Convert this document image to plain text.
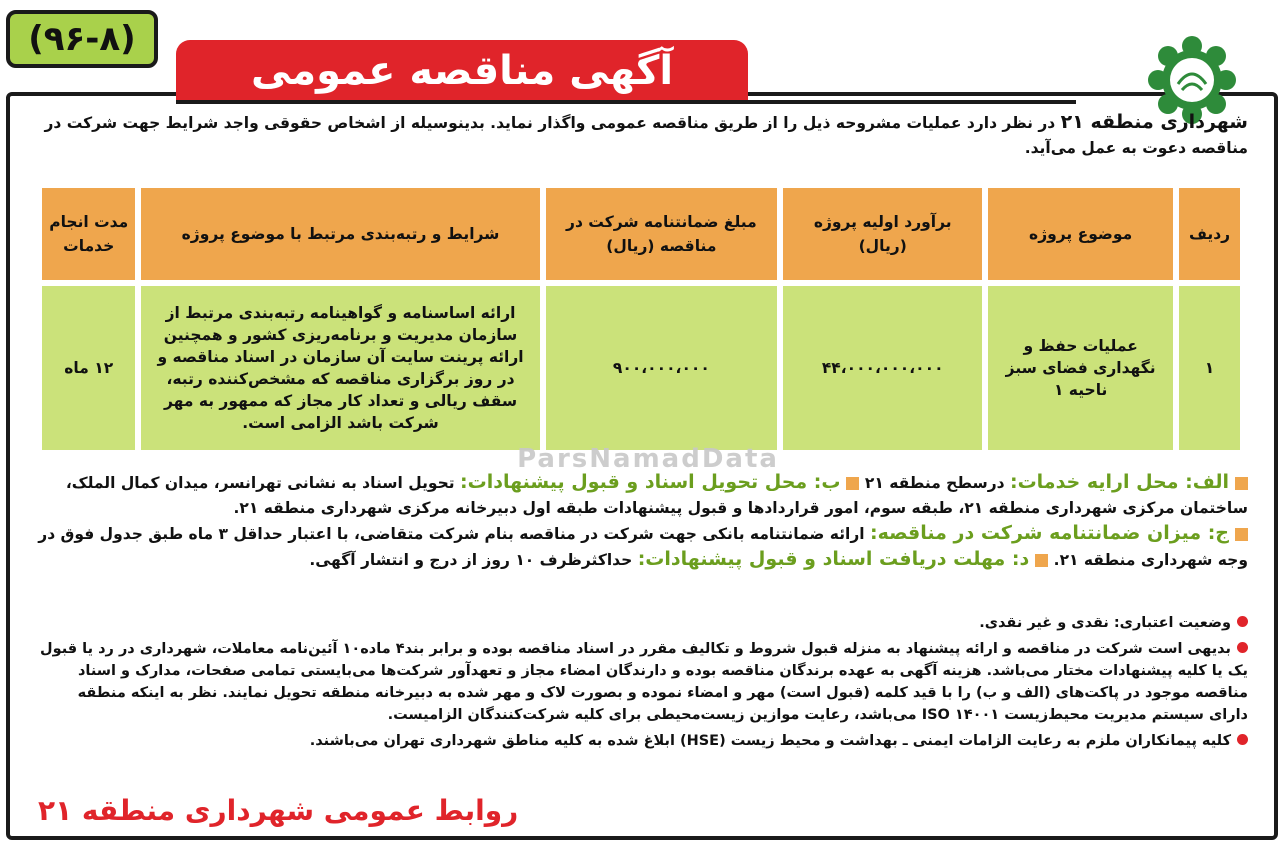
(۹۶-۸)
آگهی مناقصه عمومی
شهرداری منطقه ۲۱ در نظر دارد عملیات مشروحه ذیل را از طریق مناقصه عمومی واگذار نماید. بدینوسیله از اشخاص حقوقی واجد شرایط جهت شرکت در مناقصه دعوت به عمل می‌آید.
ردیف	موضوع پروژه	برآورد اولیه پروژه (ریال)	مبلغ ضمانتنامه شرکت در مناقصه (ریال)	شرایط و رتبه‌بندی مرتبط با موضوع پروژه	مدت انجام خدمات
۱	عملیات حفظ و نگهداری فضای سبز ناحیه ۱	۴۴،۰۰۰،۰۰۰،۰۰۰	۹۰۰،۰۰۰،۰۰۰	ارائه اساسنامه و گواهینامه رتبه‌بندی مرتبط از سازمان مدیریت و برنامه‌ریزی کشور و همچنین ارائه پرینت سایت آن سازمان در اسناد مناقصه و در روز برگزاری مناقصه که مشخص‌کننده رتبه، سقف ریالی و تعداد کار مجاز که ممهور به مهر شرکت باشد الزامی است.	۱۲ ماه
ParsNamadData
الف: محل ارایه خدمات: درسطح منطقه ۲۱ ب: محل تحویل اسناد و قبول پیشنهادات: تحویل اسناد به نشانی تهرانسر، میدان کمال الملک، ساختمان مرکزی شهرداری منطقه ۲۱، طبقه سوم، امور قراردادها و قبول پیشنهادات طبقه اول دبیرخانه مرکزی شهرداری منطقه ۲۱.
ج: میزان ضمانتنامه شرکت در مناقصه: ارائه ضمانتنامه بانکی جهت شرکت در مناقصه بنام شرکت متقاضی، با اعتبار حداقل ۳ ماه طبق جدول فوق در وجه شهرداری منطقه ۲۱. د: مهلت دریافت اسناد و قبول پیشنهادات: حداکثرظرف ۱۰ روز از درج و انتشار آگهی.
وضعیت اعتباری: نقدی و غیر نقدی.
بدیهی است شرکت در مناقصه و ارائه پیشنهاد به منزله قبول شروط و تکالیف مقرر در اسناد مناقصه بوده و برابر بند۴ ماده۱۰ آئین‌نامه معاملات، شهرداری در رد یا قبول یک یا کلیه پیشنهادات مختار می‌باشد. هزینه آگهی به عهده برندگان مناقصه بوده و دارندگان امضاء مجاز و تعهدآور شرکت‌ها می‌بایستی تمامی صفحات، مدارک و اسناد مناقصه موجود در پاکت‌های (الف و ب) را با قید کلمه (قبول است) مهر و امضاء نموده و بصورت لاک و مهر شده به دبیرخانه منطقه تحویل نمایند. نظر به اینکه منطقه دارای سیستم مدیریت محیط‌زیست ISO ۱۴۰۰۱ می‌باشد، رعایت موازین زیست‌محیطی برای کلیه شرکت‌کنندگان الزامیست.
کلیه پیمانکاران ملزم به رعایت الزامات ایمنی ـ بهداشت و محیط زیست (HSE) ابلاغ شده به کلیه مناطق شهرداری تهران می‌باشند.
روابط عمومی شهرداری منطقه ۲۱
